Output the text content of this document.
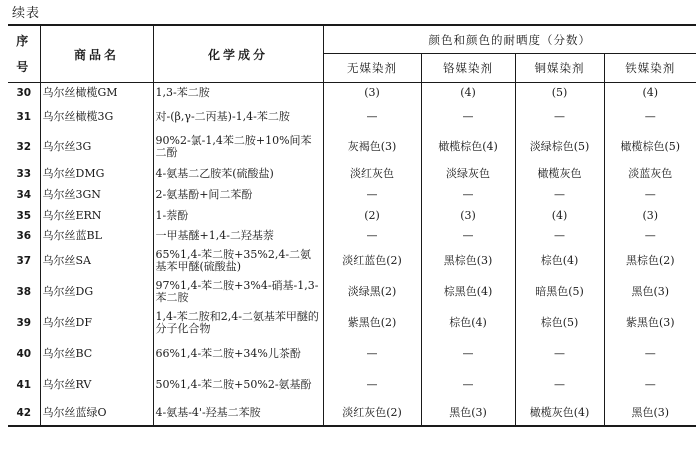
续表
序
号	商品名	化学成分	颜色和颜色的耐晒度（分数）			
			无媒染剂	铬媒染剂	铜媒染剂	铁媒染剂
30	乌尔丝橄榄GM	1,3-苯二胺	(3)	(4)	(5)	(4)
31	乌尔丝橄榄3G	对-(β,γ-二丙基)-1,4-苯二胺	—	—	—	—
32	乌尔丝3G	90%2-氯-1,4苯二胺+10%间苯二酚	灰褐色(3)	橄榄棕色(4)	淡绿棕色(5)	橄榄棕色(5)
33	乌尔丝DMG	4-氨基二乙胺苯(硫酸盐)	淡红灰色	淡绿灰色	橄榄灰色	淡蓝灰色
34	乌尔丝3GN	2-氨基酚+间二苯酚	—	—	—	—
35	乌尔丝ERN	1-萘酚	(2)	(3)	(4)	(3)
36	乌尔丝蓝BL	一甲基醚+1,4-二羟基萘	—	—	—	—
37	乌尔丝SA	65%1,4-苯二胺+35%2,4-二氨基苯甲醚(硫酸盐)	淡红蓝色(2)	黑棕色(3)	棕色(4)	黑棕色(2)
38	乌尔丝DG	97%1,4-苯二胺+3%4-硝基-1,3-苯二胺	淡绿黑(2)	棕黑色(4)	暗黑色(5)	黑色(3)
39	乌尔丝DF	1,4-苯二胺和2,4-二氨基苯甲醚的分子化合物	紫黑色(2)	棕色(4)	棕色(5)	紫黑色(3)
40	乌尔丝BC	66%1,4-苯二胺+34%儿茶酚	—	—	—	—
41	乌尔丝RV	50%1,4-苯二胺+50%2-氨基酚	—	—	—	—
42	乌尔丝蓝绿O	4-氨基-4'-羟基二苯胺	淡红灰色(2)	黑色(3)	橄榄灰色(4)	黑色(3)
